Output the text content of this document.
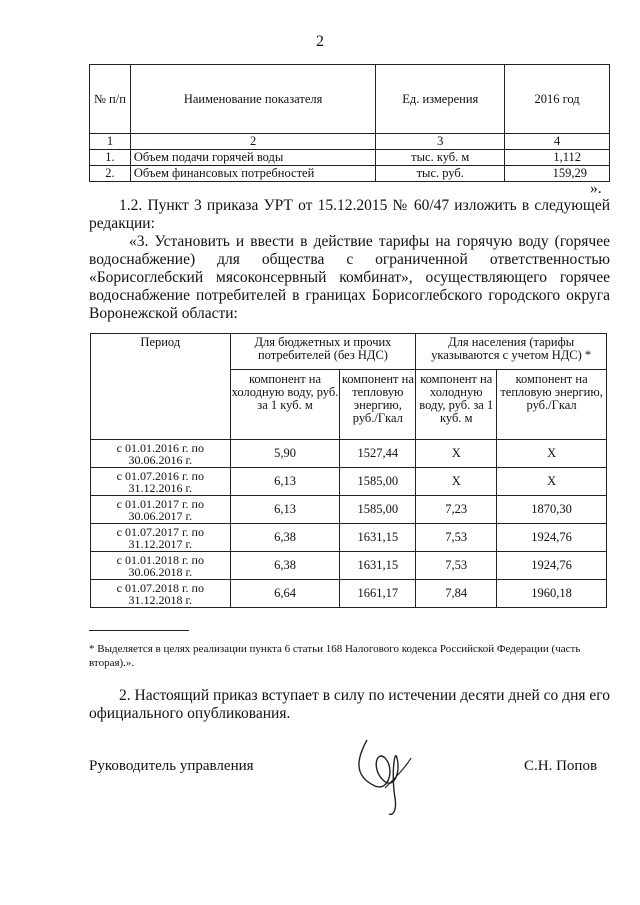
2
№ п/п	Наименование показателя	Ед. измерения	2016 год
1	2	3	4
1.	Объем подачи горячей воды	тыс. куб. м	1,112
2.	Объем финансовых потребностей	тыс. руб.	159,29
».
1.2. Пункт 3 приказа УРТ от 15.12.2015 № 60/47 изложить в следующей редакции:
«3. Установить и ввести в действие тарифы на горячую воду (горячее водоснабжение) для общества с ограниченной ответственностью «Борисоглебский мясоконсервный комбинат», осуществляющего горячее водоснабжение потребителей в границах Борисоглебского городского округа Воронежской области:
Период	Для бюджетных и прочих потребителей (без НДС)		Для населения (тарифы указываются с учетом НДС) *	
	компонент на холодную воду, руб. за 1 куб. м	компонент на тепловую энергию, руб./Гкал	компонент на холодную воду, руб. за 1 куб. м	компонент на тепловую энергию, руб./Гкал
с 01.01.2016 г. по 30.06.2016 г.	5,90	1527,44	X	X
с 01.07.2016 г. по 31.12.2016 г.	6,13	1585,00	X	X
с 01.01.2017 г. по 30.06.2017 г.	6,13	1585,00	7,23	1870,30
с 01.07.2017 г. по 31.12.2017 г.	6,38	1631,15	7,53	1924,76
с 01.01.2018 г. по 30.06.2018 г.	6,38	1631,15	7,53	1924,76
с 01.07.2018 г. по 31.12.2018 г.	6,64	1661,17	7,84	1960,18
* Выделяется в целях реализации пункта 6 статьи 168 Налогового кодекса Российской Федерации (часть вторая).».
2. Настоящий приказ вступает в силу по истечении десяти дней со дня его официального опубликования.
Руководитель управления	С.Н. Попов
